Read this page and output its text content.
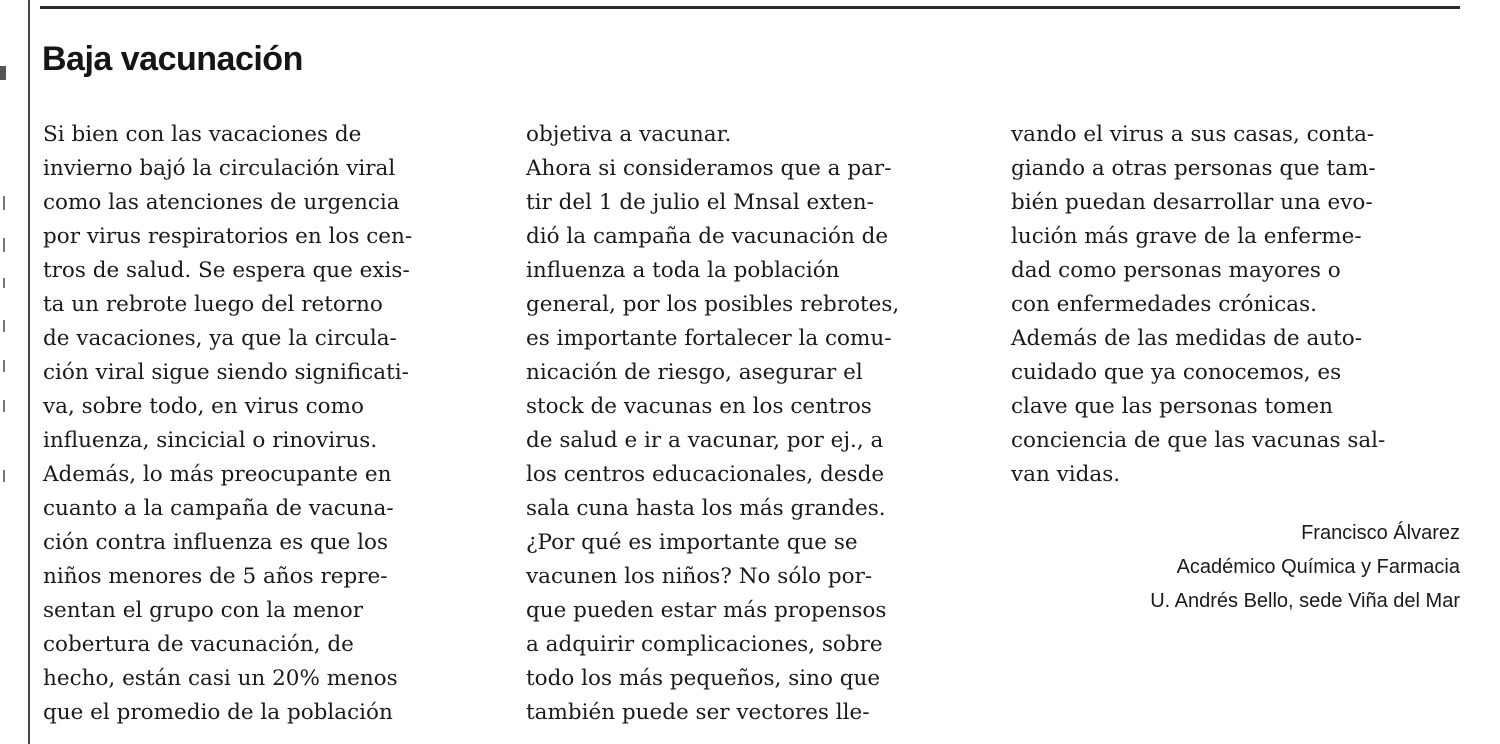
Baja vacunación
Si bien con las vacaciones de
invierno bajó la circulación viral
como las atenciones de urgencia
por virus respiratorios en los cen-
tros de salud. Se espera que exis-
ta un rebrote luego del retorno
de vacaciones, ya que la circula-
ción viral sigue siendo significati-
va, sobre todo, en virus como
influenza, sincicial o rinovirus.
Además, lo más preocupante en
cuanto a la campaña de vacuna-
ción contra influenza es que los
niños menores de 5 años repre-
sentan el grupo con la menor
cobertura de vacunación, de
hecho, están casi un 20% menos
que el promedio de la población
objetiva a vacunar.
Ahora si consideramos que a par-
tir del 1 de julio el Mnsal exten-
dió la campaña de vacunación de
influenza a toda la población
general, por los posibles rebrotes,
es importante fortalecer la comu-
nicación de riesgo, asegurar el
stock de vacunas en los centros
de salud e ir a vacunar, por ej., a
los centros educacionales, desde
sala cuna hasta los más grandes.
¿Por qué es importante que se
vacunen los niños? No sólo por-
que pueden estar más propensos
a adquirir complicaciones, sobre
todo los más pequeños, sino que
también puede ser vectores lle-
vando el virus a sus casas, conta-
giando a otras personas que tam-
bién puedan desarrollar una evo-
lución más grave de la enferme-
dad como personas mayores o
con enfermedades crónicas.
Además de las medidas de auto-
cuidado que ya conocemos, es
clave que las personas tomen
conciencia de que las vacunas sal-
van vidas.
Francisco Álvarez
Académico Química y Farmacia
U. Andrés Bello, sede Viña del Mar
